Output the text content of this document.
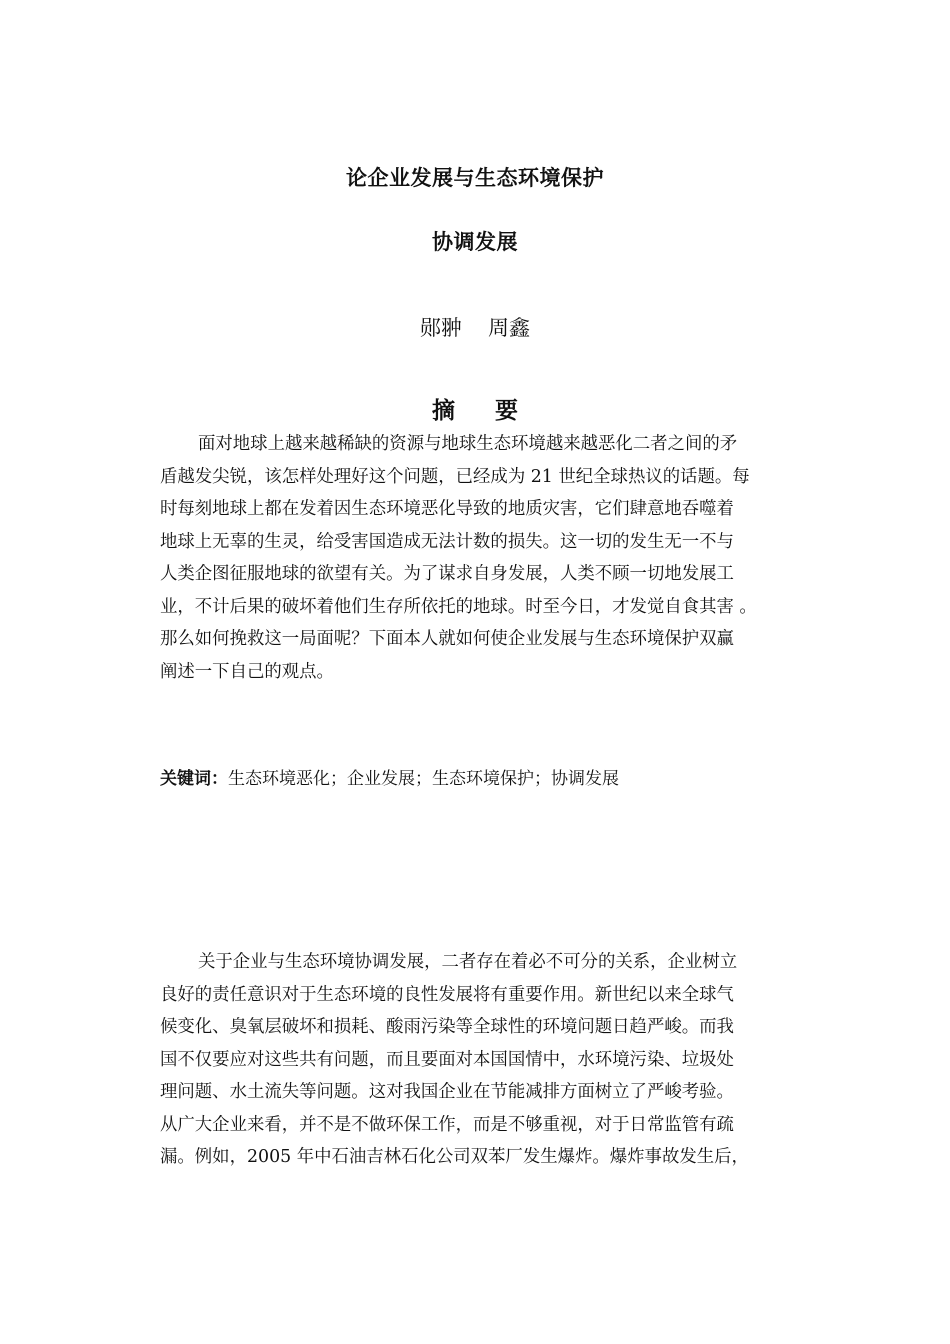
论企业发展与生态环境保护
协调发展
郧翀 周鑫
摘要
面对地球上越来越稀缺的资源与地球生态环境越来越恶化二者之间的矛
盾越发尖锐，该怎样处理好这个问题，已经成为 21 世纪全球热议的话题。每
时每刻地球上都在发着因生态环境恶化导致的地质灾害，它们肆意地吞噬着
地球上无辜的生灵，给受害国造成无法计数的损失。这一切的发生无一不与
人类企图征服地球的欲望有关。为了谋求自身发展，人类不顾一切地发展工
业，不计后果的破坏着他们生存所依托的地球。时至今日，才发觉自食其害 。
那么如何挽救这一局面呢？下面本人就如何使企业发展与生态环境保护双赢
阐述一下自己的观点。
关键词：生态环境恶化；企业发展；生态环境保护；协调发展
关于企业与生态环境协调发展，二者存在着必不可分的关系，企业树立
良好的责任意识对于生态环境的良性发展将有重要作用。新世纪以来全球气
候变化、臭氧层破坏和损耗、酸雨污染等全球性的环境问题日趋严峻。而我
国不仅要应对这些共有问题，而且要面对本国国情中，水环境污染、垃圾处
理问题、水土流失等问题。这对我国企业在节能减排方面树立了严峻考验。
从广大企业来看，并不是不做环保工作，而是不够重视，对于日常监管有疏
漏。例如，2005 年中石油吉林石化公司双苯厂发生爆炸。爆炸事故发生后，
